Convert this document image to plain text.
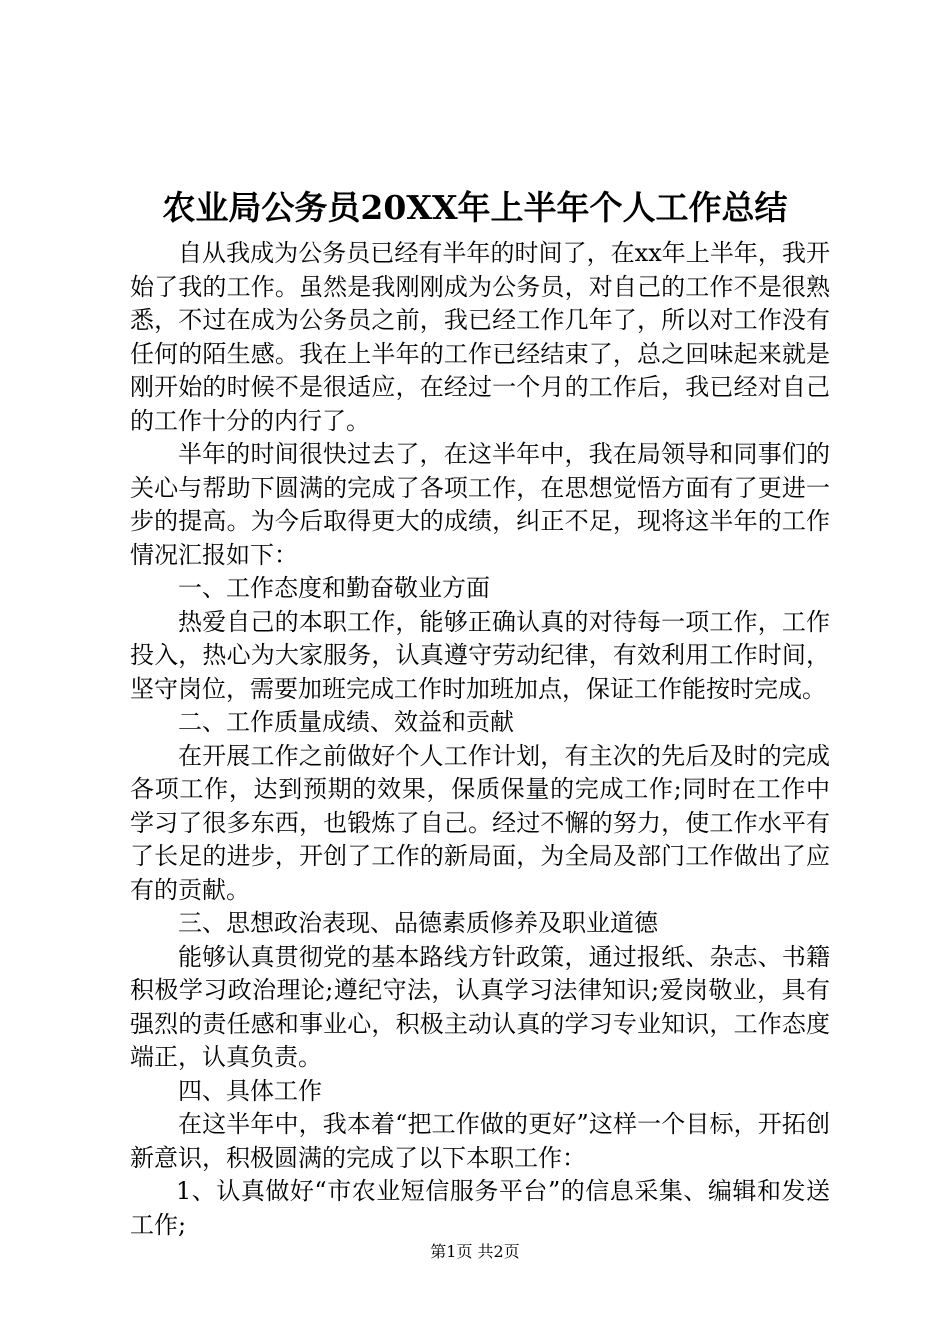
农业局公务员20XX年上半年个人工作总结

自从我成为公务员已经有半年的时间了，在xx年上半年，我开始了我的工作。虽然是我刚刚成为公务员，对自己的工作不是很熟悉，不过在成为公务员之前，我已经工作几年了，所以对工作没有任何的陌生感。我在上半年的工作已经结束了，总之回味起来就是刚开始的时候不是很适应，在经过一个月的工作后，我已经对自己的工作十分的内行了。

半年的时间很快过去了，在这半年中，我在局领导和同事们的关心与帮助下圆满的完成了各项工作，在思想觉悟方面有了更进一步的提高。为今后取得更大的成绩，纠正不足，现将这半年的工作情况汇报如下：

一、工作态度和勤奋敬业方面

热爱自己的本职工作，能够正确认真的对待每一项工作，工作投入，热心为大家服务，认真遵守劳动纪律，有效利用工作时间，坚守岗位，需要加班完成工作时加班加点，保证工作能按时完成。

二、工作质量成绩、效益和贡献

在开展工作之前做好个人工作计划，有主次的先后及时的完成各项工作，达到预期的效果，保质保量的完成工作;同时在工作中学习了很多东西，也锻炼了自己。经过不懈的努力，使工作水平有了长足的进步，开创了工作的新局面，为全局及部门工作做出了应有的贡献。

三、思想政治表现、品德素质修养及职业道德

能够认真贯彻党的基本路线方针政策，通过报纸、杂志、书籍积极学习政治理论;遵纪守法，认真学习法律知识;爱岗敬业，具有强烈的责任感和事业心，积极主动认真的学习专业知识，工作态度端正，认真负责。

四、具体工作

在这半年中，我本着“把工作做的更好”这样一个目标，开拓创新意识，积极圆满的完成了以下本职工作：

1、认真做好“市农业短信服务平台”的信息采集、编辑和发送工作;

第1页 共2页
